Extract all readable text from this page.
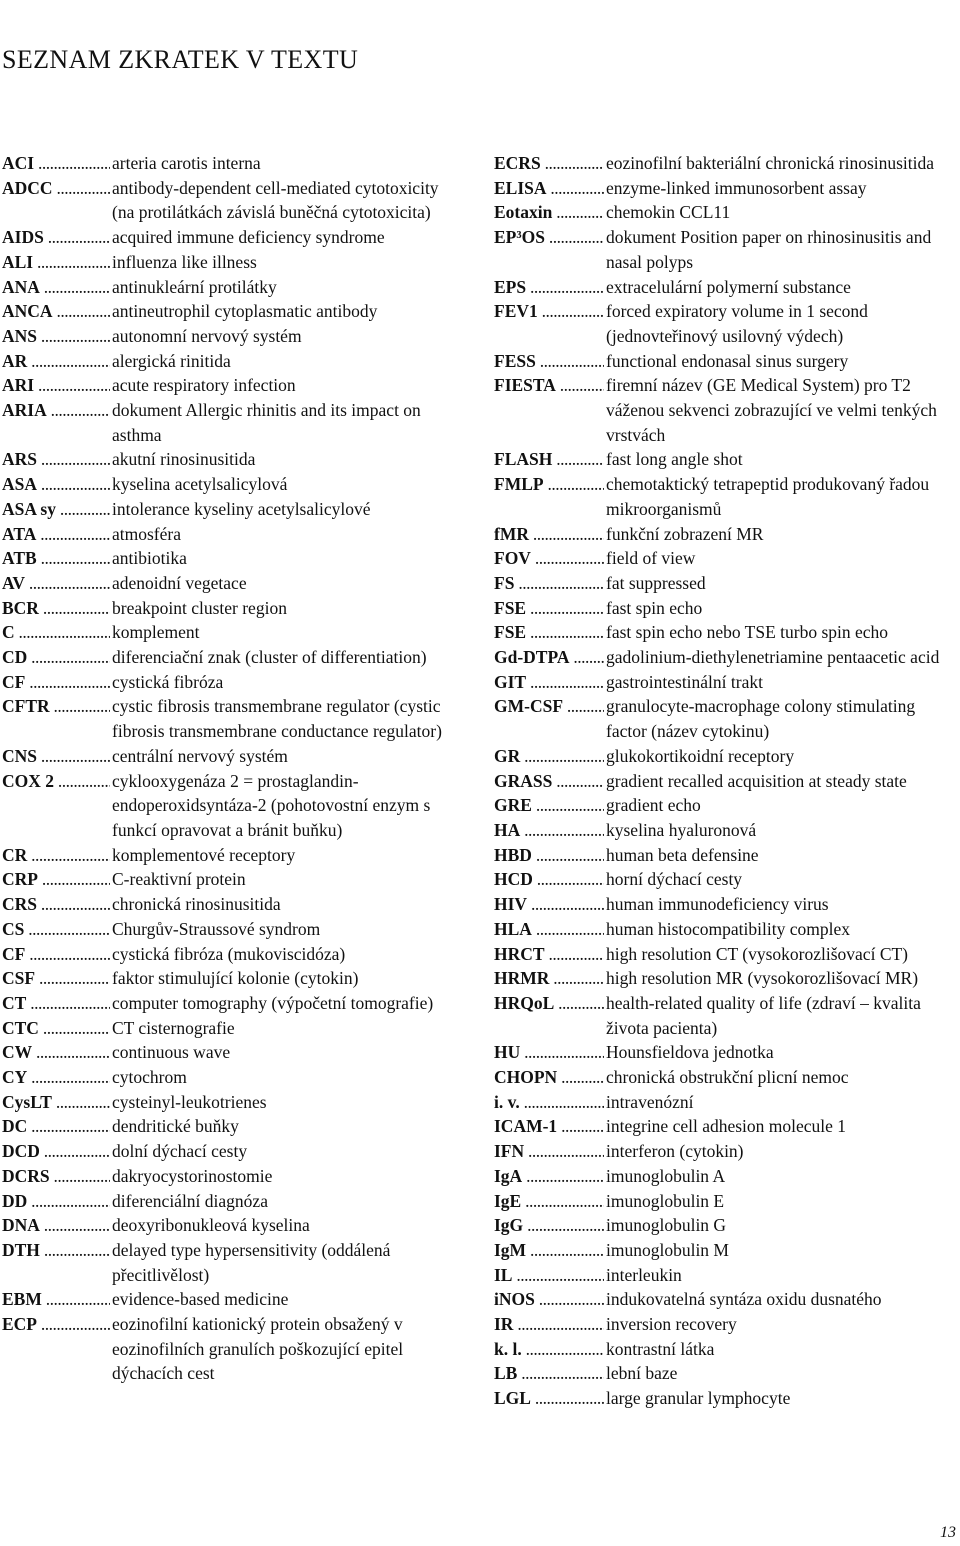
SEZNAM ZKRATEK V TEXTU
ACI .....	arteria carotis interna
ADCC .....	antibody-dependent cell-mediated cytotoxicity (na protilátkách závislá buněčná cytotoxicita)
AIDS .....	acquired immune deficiency syndrome
ALI .....	influenza like illness
ANA .....	antinukleární protilátky
ANCA .....	antineutrophil cytoplasmatic antibody
ANS .....	autonomní nervový systém
AR .....	alergická rinitida
ARI .....	acute respiratory infection
ARIA .....	dokument Allergic rhinitis and its impact on asthma
ARS .....	akutní rinosinusitida
ASA .....	kyselina acetylsalicylová
ASA sy .....	intolerance kyseliny acetylsalicylové
ATA .....	atmosféra
ATB .....	antibiotika
AV .....	adenoidní vegetace
BCR .....	breakpoint cluster region
C .....	komplement
CD .....	diferenciační znak (cluster of differentiation)
CF .....	cystická fibróza
CFTR .....	cystic fibrosis transmembrane regulator (cystic fibrosis transmembrane conductance regulator)
CNS .....	centrální nervový systém
COX 2 .....	cyklooxygenáza 2 = prostaglandin-endoperoxidsyntáza-2 (pohotovostní enzym s funkcí opravovat a bránit buňku)
CR .....	komplementové receptory
CRP .....	C-reaktivní protein
CRS .....	chronická rinosinusitida
CS .....	Churgův-Straussové syndrom
CF .....	cystická fibróza (mukoviscidóza)
CSF .....	faktor stimulující kolonie (cytokin)
CT .....	computer tomography (výpočetní tomografie)
CTC .....	CT cisternografie
CW .....	continuous wave
CY .....	cytochrom
CysLT .....	cysteinyl-leukotrienes
DC .....	dendritické buňky
DCD .....	dolní dýchací cesty
DCRS .....	dakryocystorinostomie
DD .....	diferenciální diagnóza
DNA .....	deoxyribonukleová kyselina
DTH .....	delayed type hypersensitivity (oddálená přecitlivělost)
EBM .....	evidence-based medicine
ECP .....	eozinofilní kationický protein obsažený v eozinofilních granulích poškozující epitel dýchacích cest
ECRS .....	eozinofilní bakteriální chronická rinosinusitida
ELISA .....	enzyme-linked immunosorbent assay
Eotaxin .....	chemokin CCL11
EP³OS .....	dokument Position paper on rhinosinusitis and nasal polyps
EPS .....	extracelulární polymerní substance
FEV1 .....	forced expiratory volume in 1 second (jednovteřinový usilovný výdech)
FESS .....	functional endonasal sinus surgery
FIESTA .....	firemní název (GE Medical System) pro T2 váženou sekvenci zobrazující ve velmi tenkých vrstvách
FLASH .....	fast long angle shot
FMLP .....	chemotaktický tetrapeptid produkovaný řadou mikroorganismů
fMR .....	funkční zobrazení MR
FOV .....	field of view
FS .....	fat suppressed
FSE .....	fast spin echo
FSE .....	fast spin echo nebo TSE turbo spin echo
Gd-DTPA .....	gadolinium-diethylenetriamine pentaacetic acid
GIT .....	gastrointestinální trakt
GM-CSF .....	granulocyte-macrophage colony stimulating factor (název cytokinu)
GR .....	glukokortikoidní receptory
GRASS .....	gradient recalled acquisition at steady state
GRE .....	gradient echo
HA .....	kyselina hyaluronová
HBD .....	human beta defensine
HCD .....	horní dýchací cesty
HIV .....	human immunodeficiency virus
HLA .....	human histocompatibility complex
HRCT .....	high resolution CT (vysokorozlišovací CT)
HRMR .....	high resolution MR (vysokorozlišovací MR)
HRQoL .....	health-related quality of life (zdraví – kvalita života pacienta)
HU .....	Hounsfieldova jednotka
CHOPN .....	chronická obstrukční plicní nemoc
i. v. .....	intravenózní
ICAM-1 .....	integrine cell adhesion molecule 1
IFN .....	interferon (cytokin)
IgA .....	imunoglobulin A
IgE .....	imunoglobulin E
IgG .....	imunoglobulin G
IgM .....	imunoglobulin M
IL .....	interleukin
iNOS .....	indukovatelná syntáza oxidu dusnatého
IR .....	inversion recovery
k. l. .....	kontrastní látka
LB .....	lební baze
LGL .....	large granular lymphocyte
13
